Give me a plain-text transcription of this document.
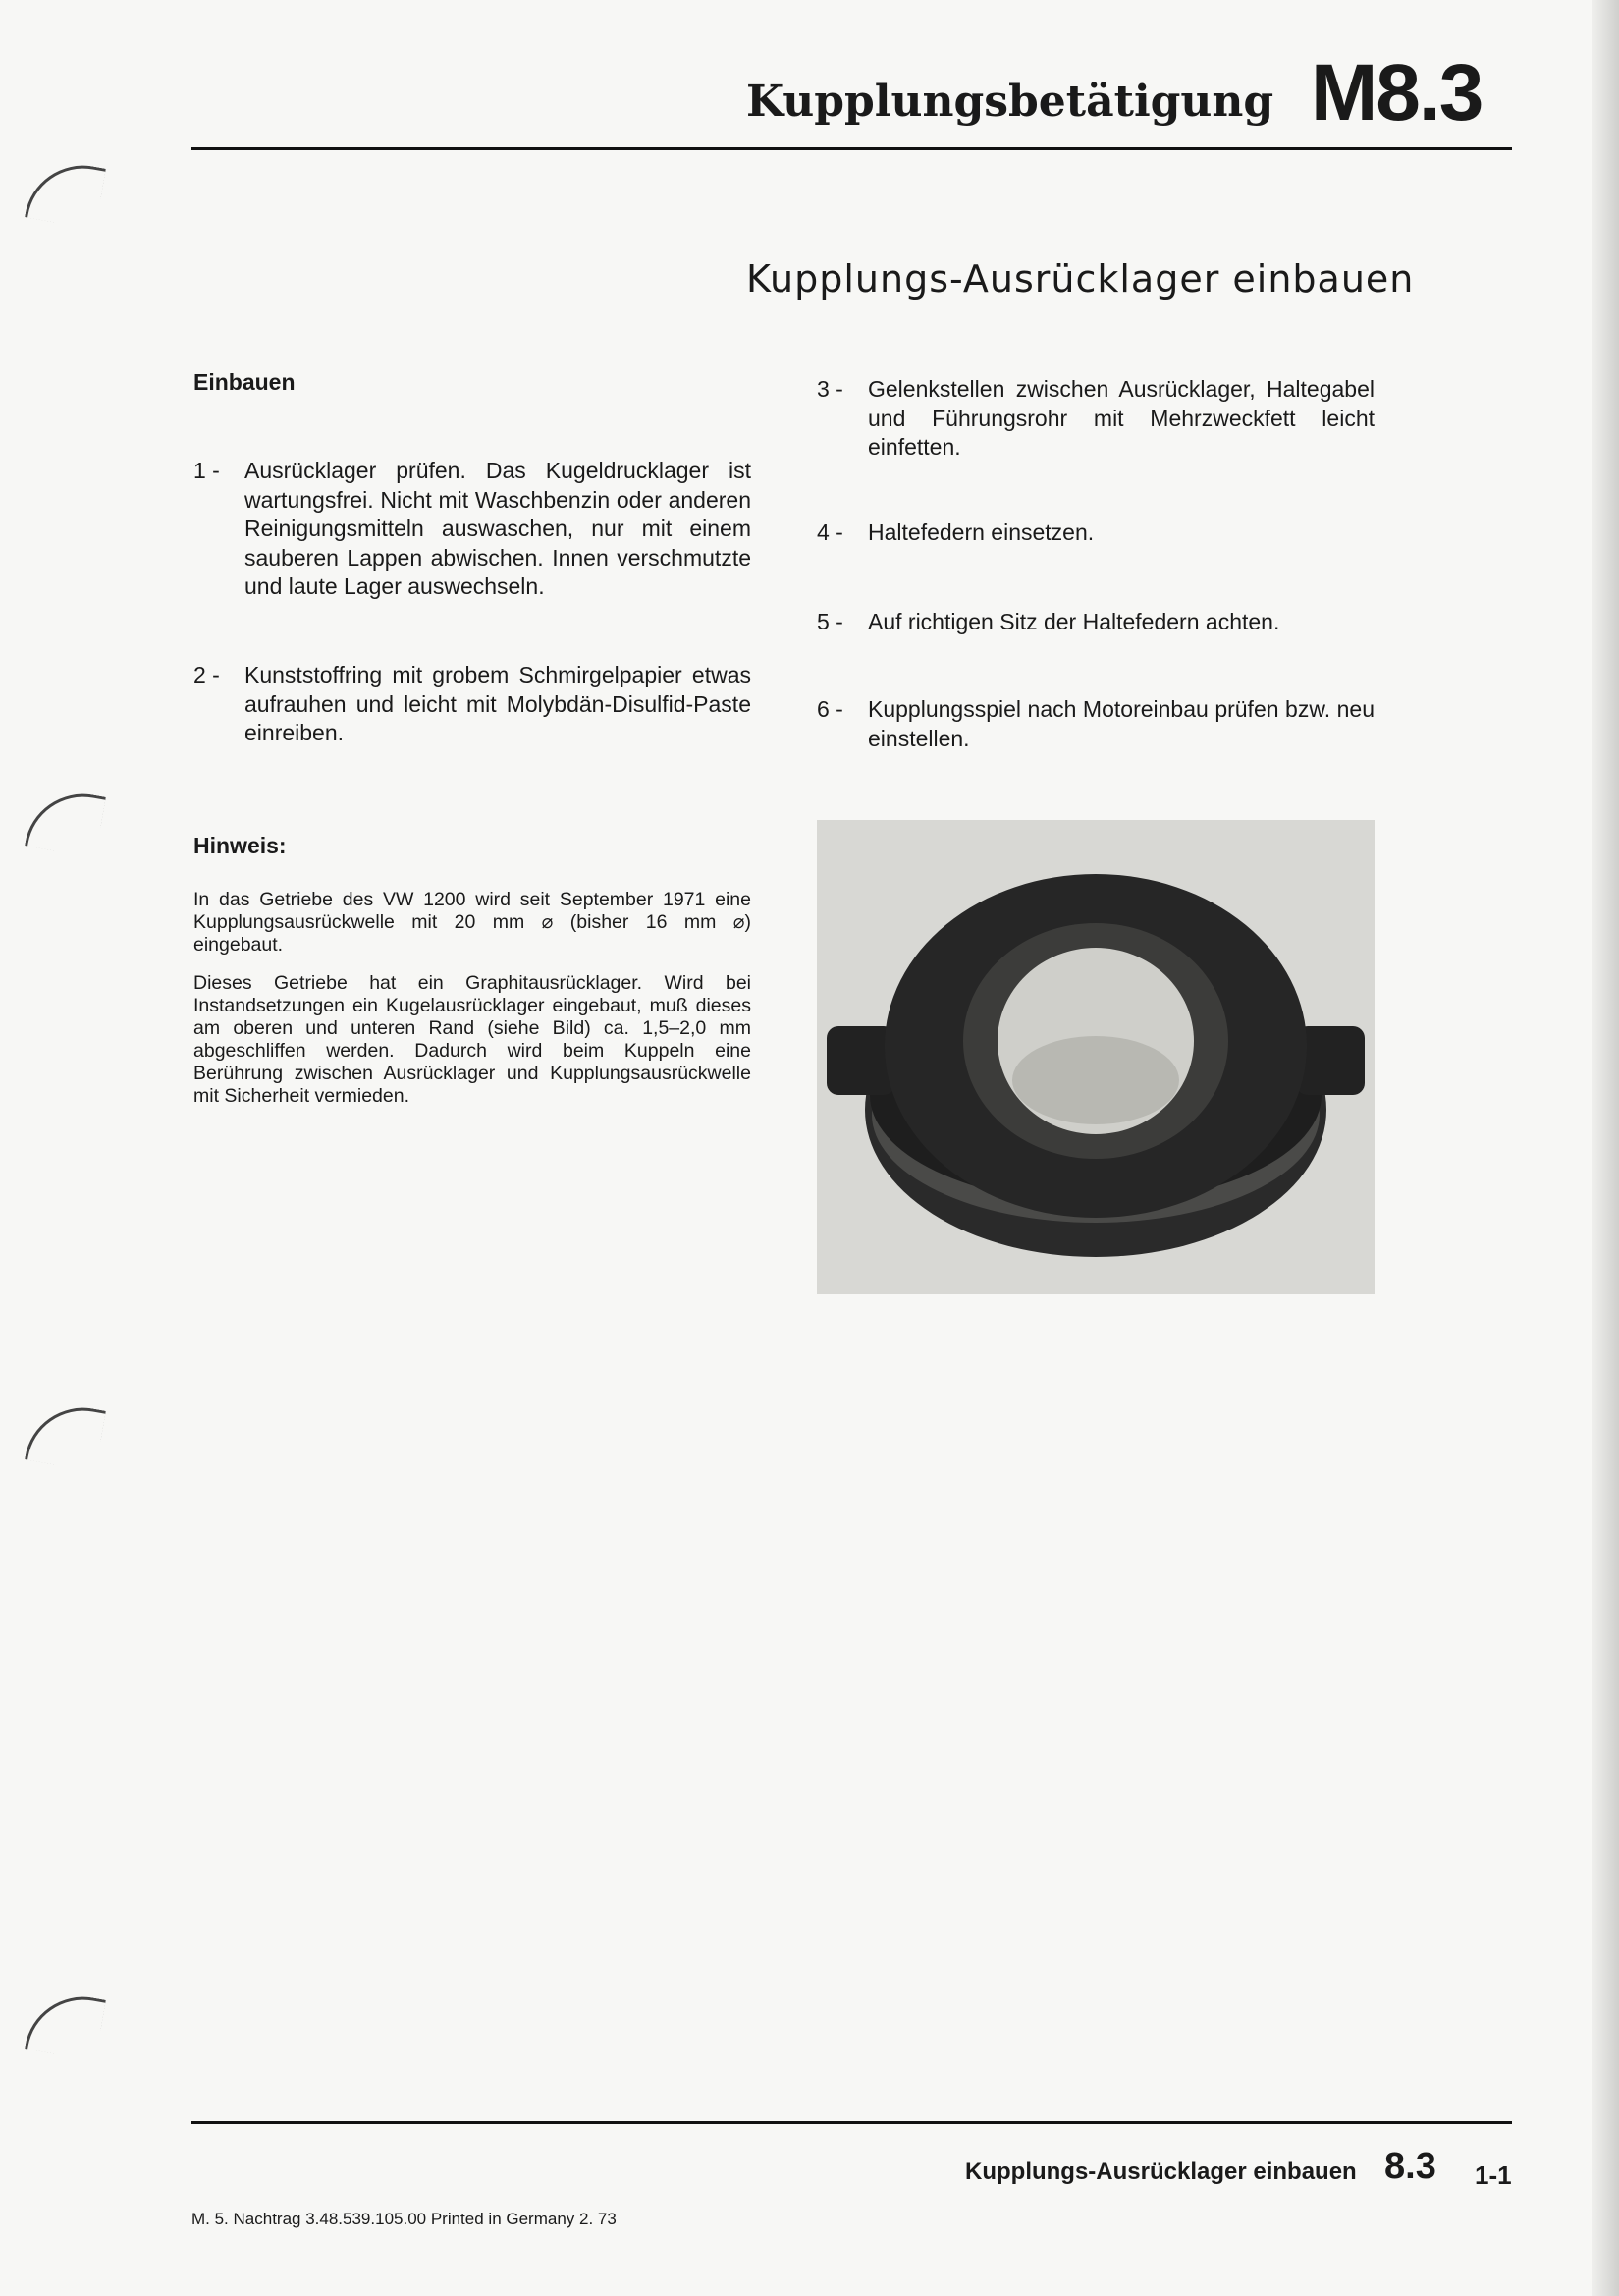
Kupplungsbetätigung M8.3
Kupplungs-Ausrücklager einbauen
Einbauen
1 -	Ausrücklager prüfen. Das Kugeldrucklager ist wartungsfrei. Nicht mit Waschbenzin oder anderen Reinigungsmitteln auswaschen, nur mit einem sauberen Lappen abwischen. Innen verschmutzte und laute Lager auswechseln.
2 -	Kunststoffring mit grobem Schmirgelpapier etwas aufrauhen und leicht mit Molybdän-Disulfid-Paste einreiben.
3 -	Gelenkstellen zwischen Ausrücklager, Haltegabel und Führungsrohr mit Mehrzweckfett leicht einfetten.
4 -	Haltefedern einsetzen.
5 -	Auf richtigen Sitz der Haltefedern achten.
6 -	Kupplungsspiel nach Motoreinbau prüfen bzw. neu einstellen.
Hinweis:
In das Getriebe des VW 1200 wird seit September 1971 eine Kupplungsausrückwelle mit 20 mm ⌀ (bisher 16 mm ⌀) eingebaut.
Dieses Getriebe hat ein Graphitausrücklager. Wird bei Instandsetzungen ein Kugelausrücklager eingebaut, muß dieses am oberen und unteren Rand (siehe Bild) ca. 1,5–2,0 mm abgeschliffen werden. Dadurch wird beim Kuppeln eine Berührung zwischen Ausrücklager und Kupplungsausrückwelle mit Sicherheit vermieden.
Kupplungs-Ausrücklager einbauen 8.3 1-1
M. 5. Nachtrag 3.48.539.105.00 Printed in Germany 2. 73
